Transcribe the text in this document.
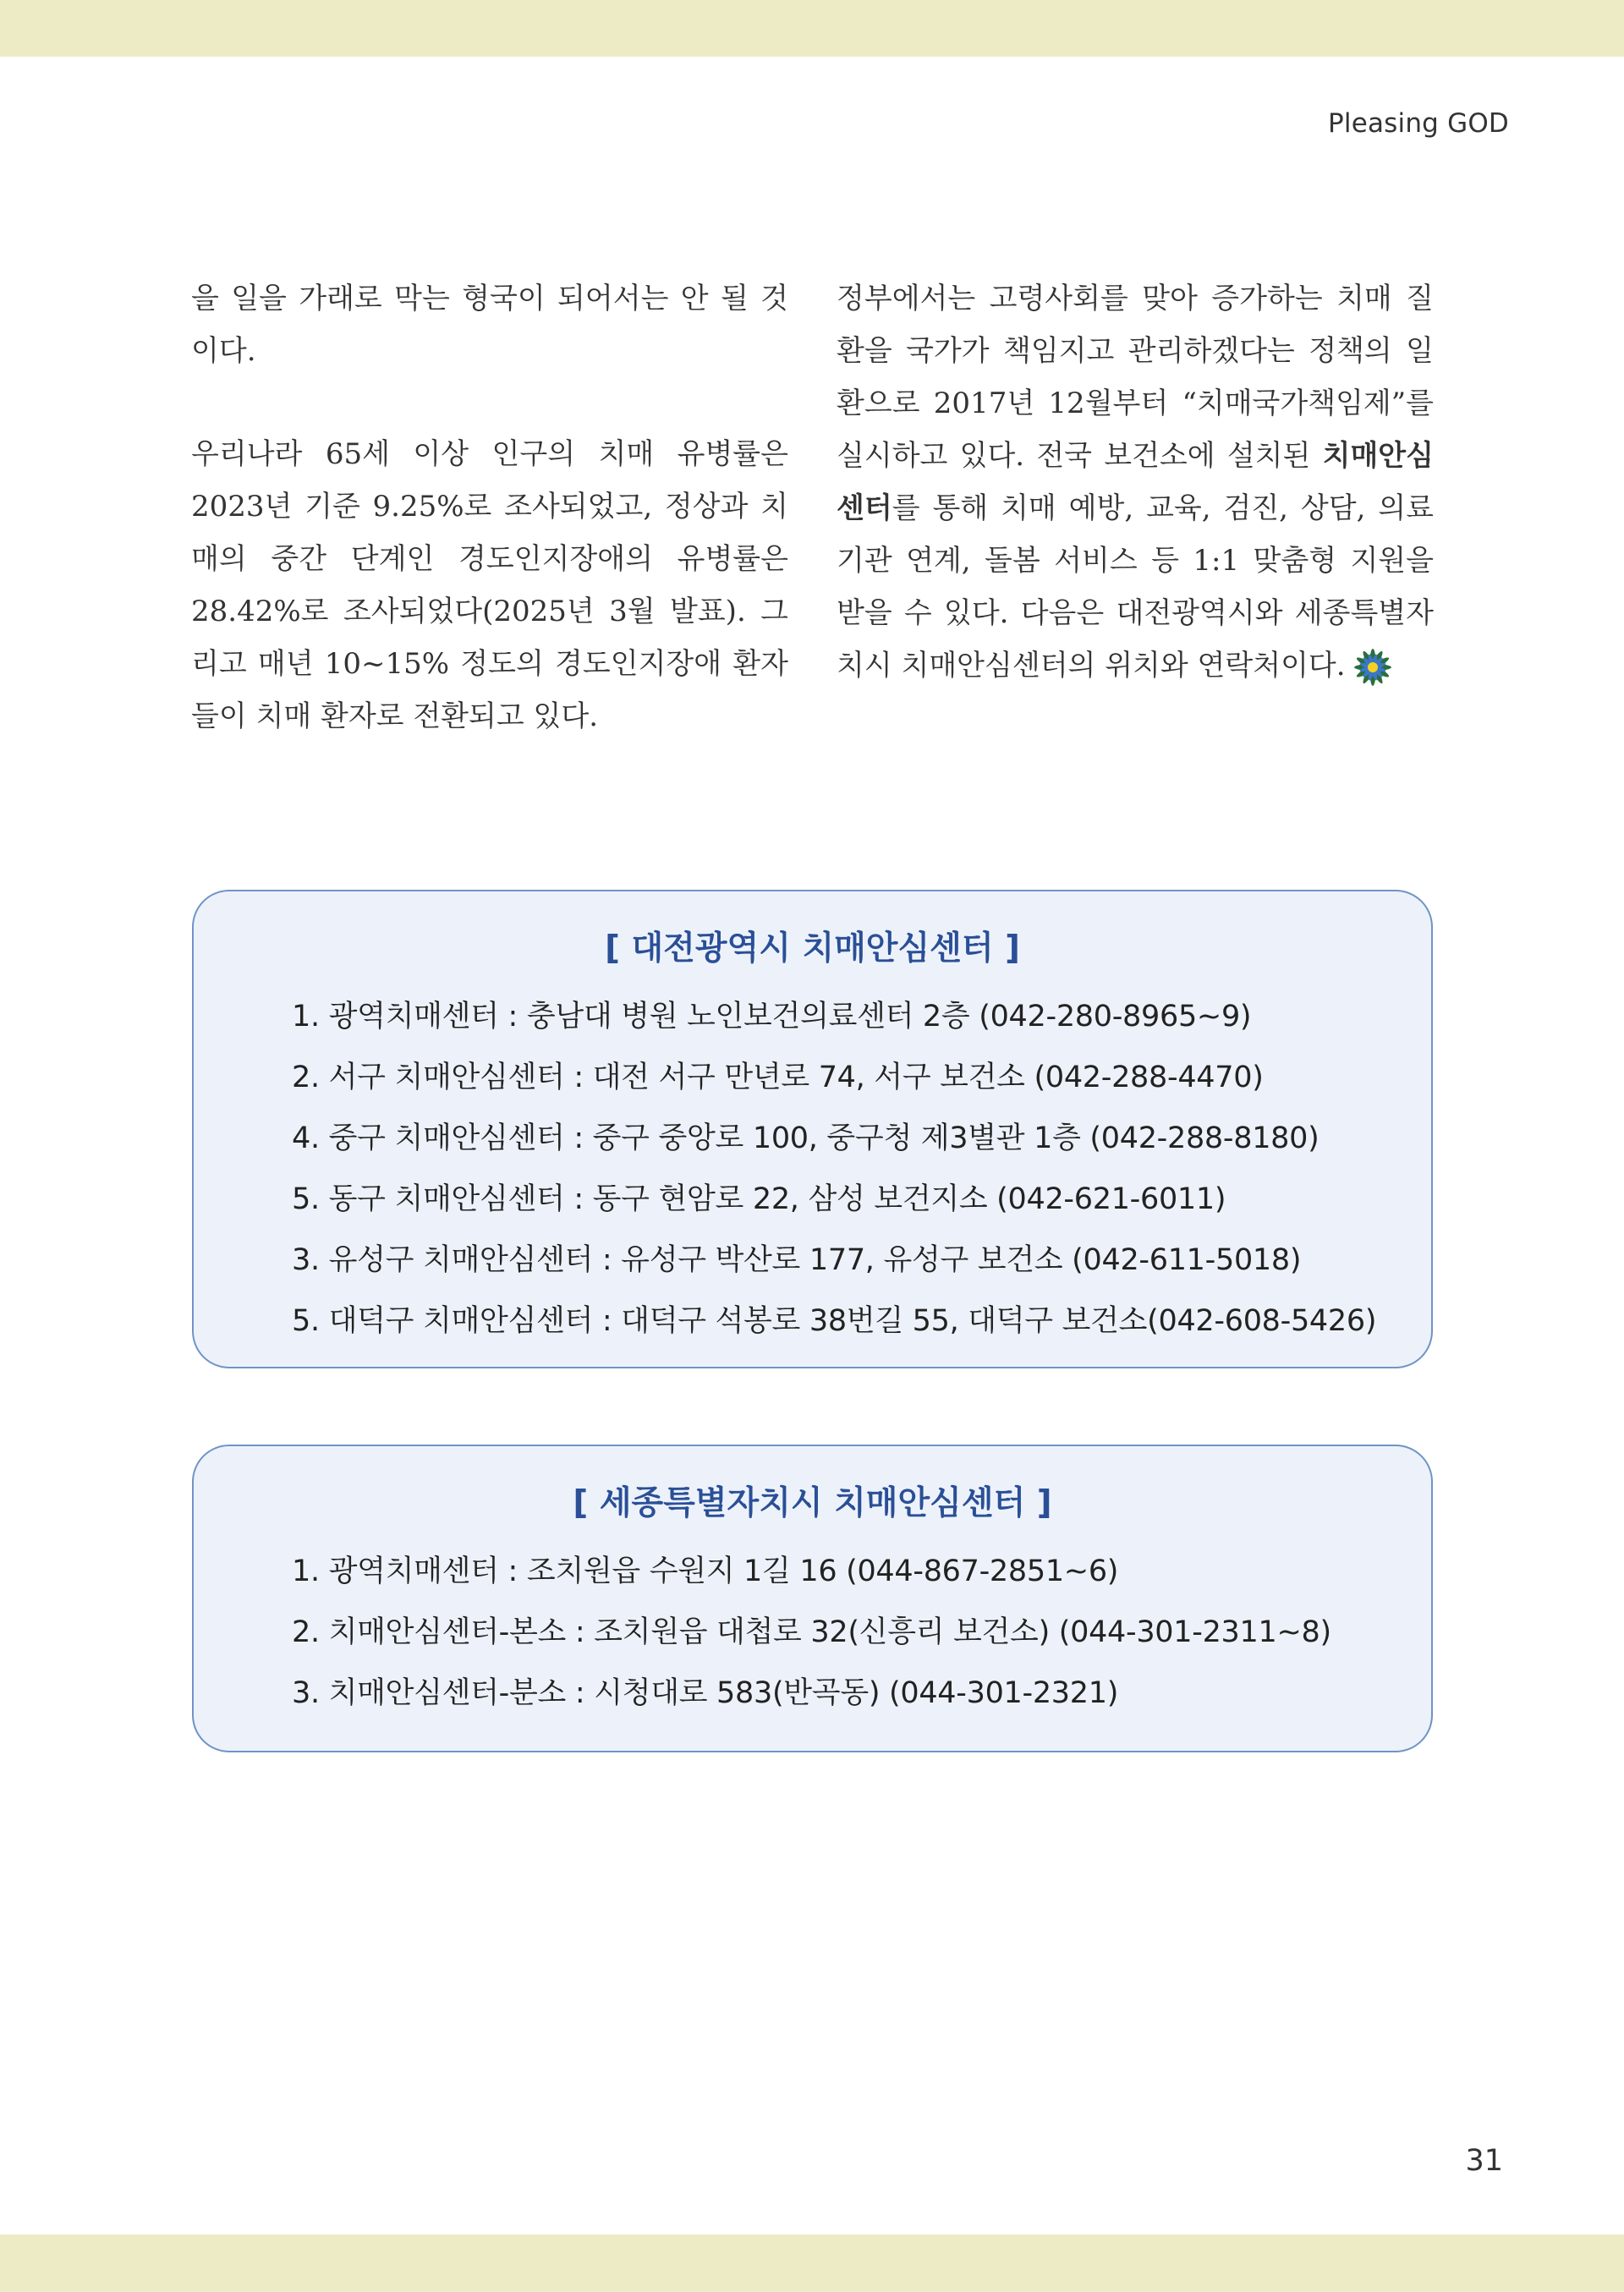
Pleasing GOD

을 일을 가래로 막는 형국이 되어서는 안 될 것이다.

우리나라 65세 이상 인구의 치매 유병률은 2023년 기준 9.25%로 조사되었고, 정상과 치매의 중간 단계인 경도인지장애의 유병률은 28.42%로 조사되었다(2025년 3월 발표). 그리고 매년 10~15% 정도의 경도인지장애 환자들이 치매 환자로 전환되고 있다.

정부에서는 고령사회를 맞아 증가하는 치매 질환을 국가가 책임지고 관리하겠다는 정책의 일환으로 2017년 12월부터 “치매국가책임제”를 실시하고 있다. 전국 보건소에 설치된 치매안심센터를 통해 치매 예방, 교육, 검진, 상담, 의료기관 연계, 돌봄 서비스 등 1:1 맞춤형 지원을 받을 수 있다. 다음은 대전광역시와 세종특별자치시 치매안심센터의 위치와 연락처이다.

[ 대전광역시 치매안심센터 ]
1. 광역치매센터 : 충남대 병원 노인보건의료센터 2층 (042-280-8965~9)
2. 서구 치매안심센터 : 대전 서구 만년로 74, 서구 보건소 (042-288-4470)
4. 중구 치매안심센터 : 중구 중앙로 100, 중구청 제3별관 1층 (042-288-8180)
5. 동구 치매안심센터 : 동구 현암로 22, 삼성 보건지소 (042-621-6011)
3. 유성구 치매안심센터 : 유성구 박산로 177, 유성구 보건소 (042-611-5018)
5. 대덕구 치매안심센터 : 대덕구 석봉로 38번길 55, 대덕구 보건소(042-608-5426)
[ 세종특별자치시 치매안심센터 ]
1. 광역치매센터 : 조치원읍 수원지 1길 16 (044-867-2851~6)
2. 치매안심센터-본소 : 조치원읍 대첩로 32(신흥리 보건소) (044-301-2311~8)
3. 치매안심센터-분소 : 시청대로 583(반곡동) (044-301-2321)
31
